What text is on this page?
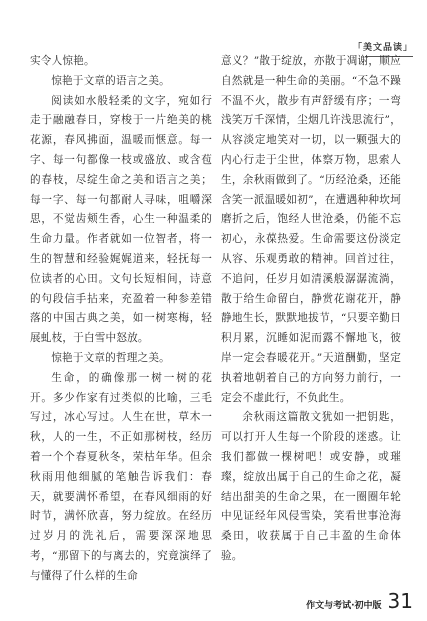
「美文品读」

实令人惊艳。

惊艳于文章的语言之美。

阅读如水般轻柔的文字，宛如行走于融融春日，穿梭于一片绝美的桃花源，春风拂面，温暖而惬意。每一字、每一句都像一枝或盛放、或含苞的春枝，尽绽生命之美和语言之美；每一字、每一句都耐人寻味，咀嚼深思，不觉齿颊生香，心生一种温柔的生命力量。作者就如一位智者，将一生的智慧和经验娓娓道来，轻抚每一位读者的心田。文句长短相间，诗意的句段信手拈来，充盈着一种参差错落的中国古典之美，如一树寒梅，轻展虬枝，于白雪中怒放。

惊艳于文章的哲理之美。

生命，的确像那一树一树的花开。多少作家有过类似的比喻，三毛写过，冰心写过。人生在世，草木一秋，人的一生，不正如那树枝，经历着一个个春夏秋冬，荣枯年华。但余秋雨用他细腻的笔触告诉我们：春天，就要满怀希望，在春风细雨的好时节，满怀欣喜，努力绽放。在经历过岁月的洗礼后，需要深深地思考，“那留下的与离去的，究竟演绎了与懂得了什么样的生命

意义？”散于绽放，亦散于凋谢，顺应自然就是一种生命的美丽。“不急不躁不温不火，散步有声舒缓有序；一弯浅笑万千深情，尘烟几许浅思流行”，从容淡定地笑对一切，以一颗强大的内心行走于尘世，体察万物，思索人生，余秋雨做到了。“历经沧桑，还能含笑一派温暖如初”，在遭遇种种坎坷磨折之后，饱经人世沧桑，仍能不忘初心，永葆热爱。生命需要这份淡定从容、乐观勇敢的精神。回首过往，不追问，任岁月如清溪般潺潺流淌，散于给生命留白，静赏花谢花开，静静地生长，默默地拔节，“只要辛勤日积月累，沉睡如泥而露不懈地飞，彼岸一定会春暖花开。”天道酬勤，坚定执着地朝着自己的方向努力前行，一定会不虚此行，不负此生。

余秋雨这篇散文犹如一把钥匙，可以打开人生每一个阶段的迷惑。让我们都做一棵树吧！或安静，或璀璨，绽放出属于自己的生命之花，凝结出甜美的生命之果，在一圈圈年轮中见证经年风侵雪染，笑看世事沧海桑田，收获属于自己丰盈的生命体验。

作文与考试·初中版 31
